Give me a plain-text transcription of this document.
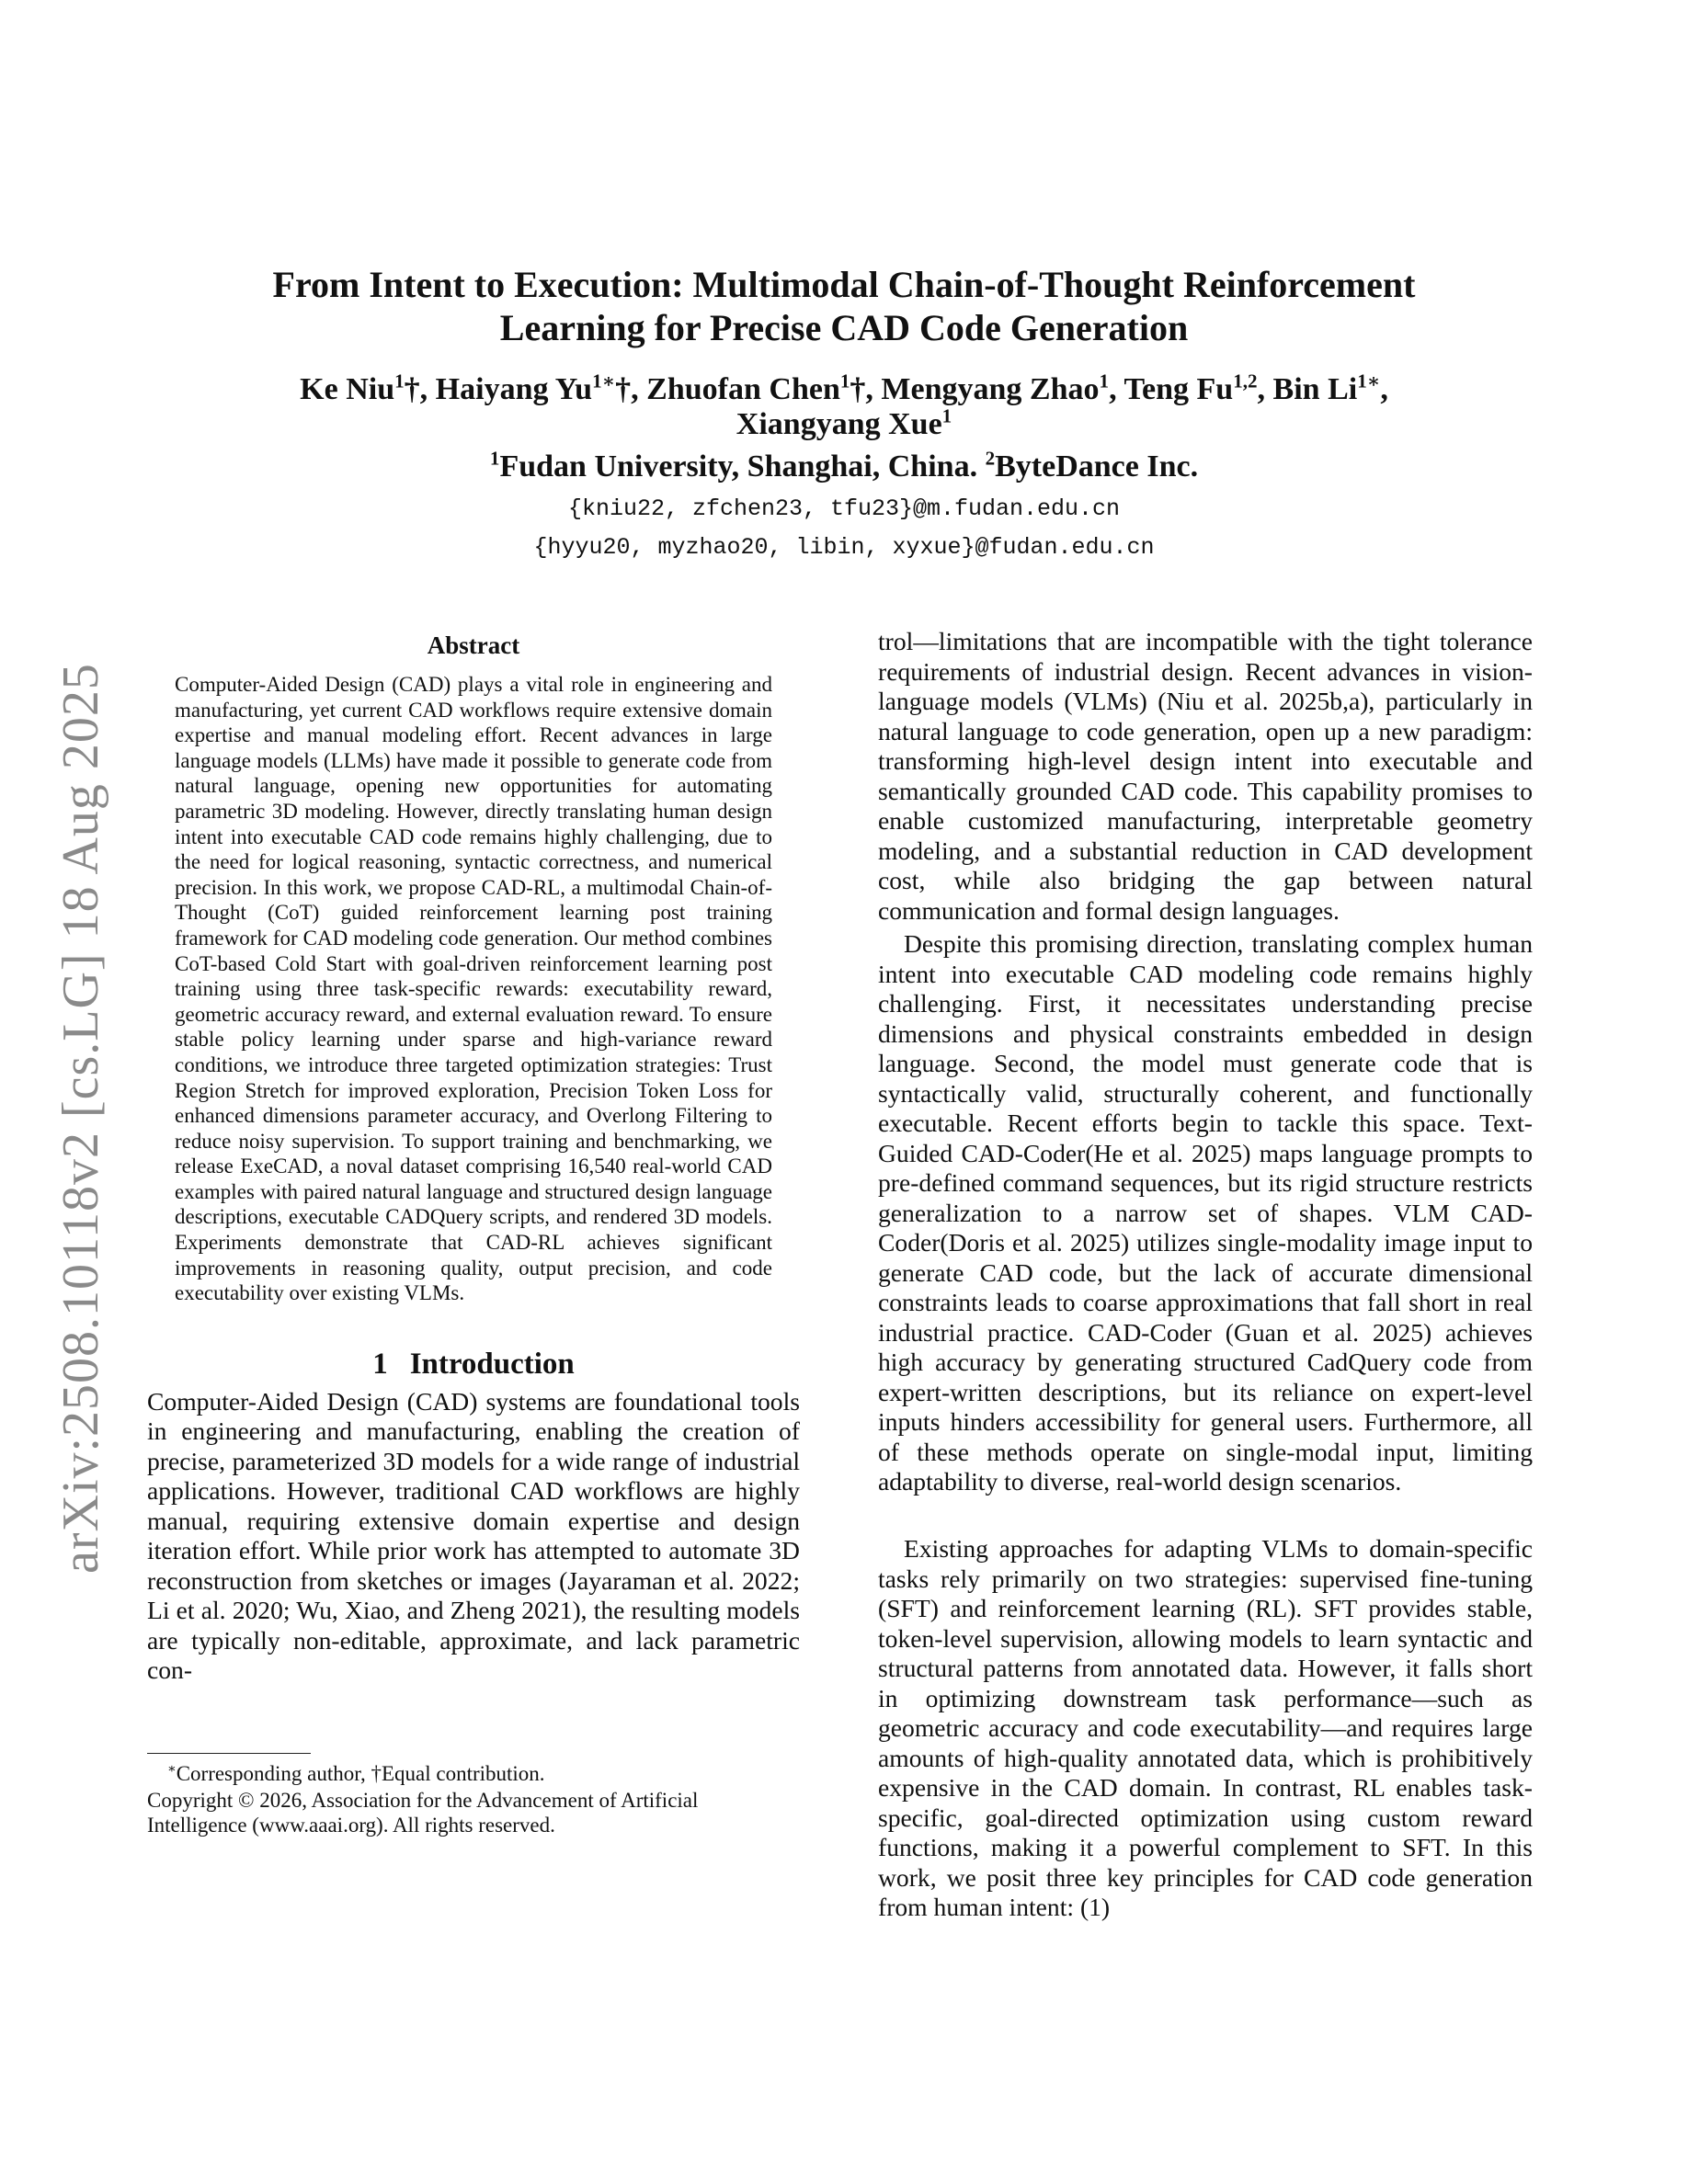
arXiv:2508.10118v2 [cs.LG] 18 Aug 2025
From Intent to Execution: Multimodal Chain-of-Thought Reinforcement
Learning for Precise CAD Code Generation
Ke Niu$^1$†, Haiyang $Yu^{1∗}\dagger$, Zhuofan Chen$^1$†, Mengyang Zhao$^1$, Teng Fu$^{1,2}$, Bin $Li^{1∗}$,
Xiangyang Xue$^1$
$^1$Fudan University, Shanghai, China. $^2$ByteDance Inc.
{kniu22, zfchen23, tfu23}@m.fudan.edu.cn
{hyyu20, myzhao20, libin, xyxue}@fudan.edu.cn
Abstract

Computer-Aided Design (CAD) plays a vital role in engineering and manufacturing, yet current CAD workflows require extensive domain expertise and manual modeling effort. Recent advances in large language models (LLMs) have made it possible to generate code from natural language, opening new opportunities for automating parametric 3D modeling. However, directly translating human design intent into executable CAD code remains highly challenging, due to the need for logical reasoning, syntactic correctness, and numerical precision. In this work, we propose CAD-RL, a multimodal Chain-of-Thought (CoT) guided reinforcement learning post training framework for CAD modeling code generation. Our method combines CoT-based Cold Start with goal-driven reinforcement learning post training using three task-specific rewards: executability reward, geometric accuracy reward, and external evaluation reward. To ensure stable policy learning under sparse and high-variance reward conditions, we introduce three targeted optimization strategies: Trust Region Stretch for improved exploration, Precision Token Loss for enhanced dimensions parameter accuracy, and Overlong Filtering to reduce noisy supervision. To support training and benchmarking, we release ExeCAD, a noval dataset comprising 16,540 real-world CAD examples with paired natural language and structured design language descriptions, executable CADQuery scripts, and rendered 3D models. Experiments demonstrate that CAD-RL achieves significant improvements in reasoning quality, output precision, and code executability over existing VLMs.

1 Introduction

Computer-Aided Design (CAD) systems are foundational tools in engineering and manufacturing, enabling the creation of precise, parameterized 3D models for a wide range of industrial applications. However, traditional CAD workflows are highly manual, requiring extensive domain expertise and design iteration effort. While prior work has attempted to automate 3D reconstruction from sketches or images (Jayaraman et al. 2022; Li et al. 2020; Wu, Xiao, and Zheng 2021), the resulting models are typically non-editable, approximate, and lack parametric con-

∗Corresponding author, †Equal contribution.

Copyright © 2026, Association for the Advancement of Artificial Intelligence (www.aaai.org). All rights reserved.

trol—limitations that are incompatible with the tight tolerance requirements of industrial design. Recent advances in vision-language models (VLMs) (Niu et al. 2025b,a), particularly in natural language to code generation, open up a new paradigm: transforming high-level design intent into executable and semantically grounded CAD code. This capability promises to enable customized manufacturing, interpretable geometry modeling, and a substantial reduction in CAD development cost, while also bridging the gap between natural communication and formal design languages.

Despite this promising direction, translating complex human intent into executable CAD modeling code remains highly challenging. First, it necessitates understanding precise dimensions and physical constraints embedded in design language. Second, the model must generate code that is syntactically valid, structurally coherent, and functionally executable. Recent efforts begin to tackle this space. Text-Guided CAD-Coder(He et al. 2025) maps language prompts to pre-defined command sequences, but its rigid structure restricts generalization to a narrow set of shapes. VLM CAD-Coder(Doris et al. 2025) utilizes single-modality image input to generate CAD code, but the lack of accurate dimensional constraints leads to coarse approximations that fall short in real industrial practice. CAD-Coder (Guan et al. 2025) achieves high accuracy by generating structured CadQuery code from expert-written descriptions, but its reliance on expert-level inputs hinders accessibility for general users. Furthermore, all of these methods operate on single-modal input, limiting adaptability to diverse, real-world design scenarios.

Existing approaches for adapting VLMs to domain-specific tasks rely primarily on two strategies: supervised fine-tuning (SFT) and reinforcement learning (RL). SFT provides stable, token-level supervision, allowing models to learn syntactic and structural patterns from annotated data. However, it falls short in optimizing downstream task performance—such as geometric accuracy and code executability—and requires large amounts of high-quality annotated data, which is prohibitively expensive in the CAD domain. In contrast, RL enables task-specific, goal-directed optimization using custom reward functions, making it a powerful complement to SFT. In this work, we posit three key principles for CAD code generation from human intent: (1)
